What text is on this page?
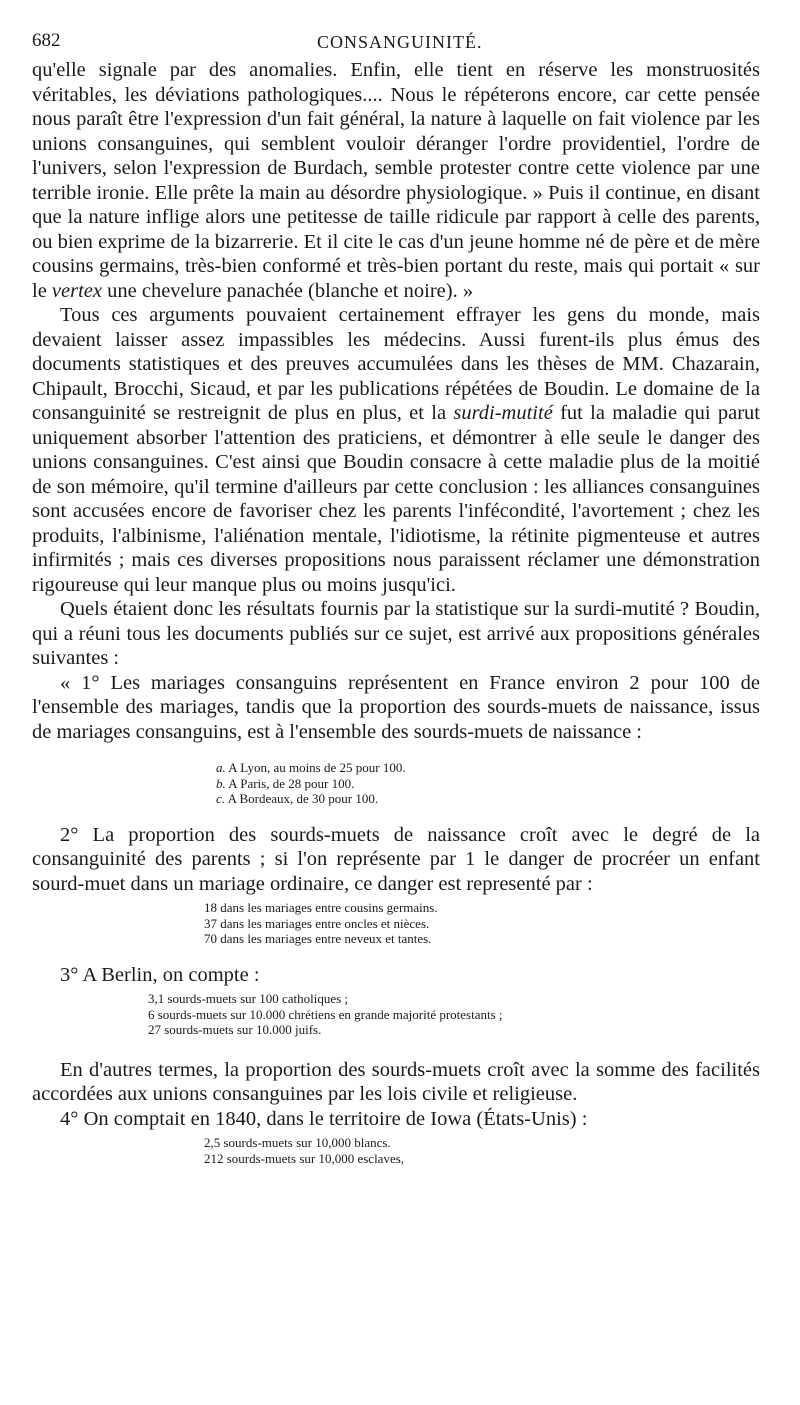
682	CONSANGUINITÉ.

qu'elle signale par des anomalies. Enfin, elle tient en réserve les monstruosités véritables, les déviations pathologiques.... Nous le répéterons encore, car cette pensée nous paraît être l'expression d'un fait général, la nature à laquelle on fait violence par les unions consanguines, qui semblent vouloir déranger l'ordre providentiel, l'ordre de l'univers, selon l'expression de Burdach, semble protester contre cette violence par une terrible ironie. Elle prête la main au désordre physiologique. » Puis il continue, en disant que la nature inflige alors une petitesse de taille ridicule par rapport à celle des parents, ou bien exprime de la bizarrerie. Et il cite le cas d'un jeune homme né de père et de mère cousins germains, très-bien conformé et très-bien portant du reste, mais qui portait « sur le vertex une chevelure panachée (blanche et noire). »

Tous ces arguments pouvaient certainement effrayer les gens du monde, mais devaient laisser assez impassibles les médecins. Aussi furent-ils plus émus des documents statistiques et des preuves accumulées dans les thèses de MM. Chazarain, Chipault, Brocchi, Sicaud, et par les publications répétées de Boudin. Le domaine de la consanguinité se restreignit de plus en plus, et la surdi-mutité fut la maladie qui parut uniquement absorber l'attention des praticiens, et démontrer à elle seule le danger des unions consanguines. C'est ainsi que Boudin consacre à cette maladie plus de la moitié de son mémoire, qu'il termine d'ailleurs par cette conclusion : les alliances consanguines sont accusées encore de favoriser chez les parents l'infécondité, l'avortement ; chez les produits, l'albinisme, l'aliénation mentale, l'idiotisme, la rétinite pigmenteuse et autres infirmités ; mais ces diverses propositions nous paraissent réclamer une démonstration rigoureuse qui leur manque plus ou moins jusqu'ici.

Quels étaient donc les résultats fournis par la statistique sur la surdi-mutité ? Boudin, qui a réuni tous les documents publiés sur ce sujet, est arrivé aux propositions générales suivantes :

« 1° Les mariages consanguins représentent en France environ 2 pour 100 de l'ensemble des mariages, tandis que la proportion des sourds-muets de naissance, issus de mariages consanguins, est à l'ensemble des sourds-muets de naissance :

a. A Lyon, au moins de 25 pour 100.
b. A Paris, de 28 pour 100.
c. A Bordeaux, de 30 pour 100.

2° La proportion des sourds-muets de naissance croît avec le degré de la consanguinité des parents ; si l'on représente par 1 le danger de procréer un enfant sourd-muet dans un mariage ordinaire, ce danger est representé par :

18 dans les mariages entre cousins germains.
37 dans les mariages entre oncles et nièces.
70 dans les mariages entre neveux et tantes.

3° A Berlin, on compte :

3,1 sourds-muets sur 100 catholiques ;
6 sourds-muets sur 10.000 chrétiens en grande majorité protestants ;
27 sourds-muets sur 10.000 juifs.

En d'autres termes, la proportion des sourds-muets croît avec la somme des facilités accordées aux unions consanguines par les lois civile et religieuse.

4° On comptait en 1840, dans le territoire de Iowa (États-Unis) :

2,5 sourds-muets sur 10,000 blancs.
212 sourds-muets sur 10,000 esclaves,
